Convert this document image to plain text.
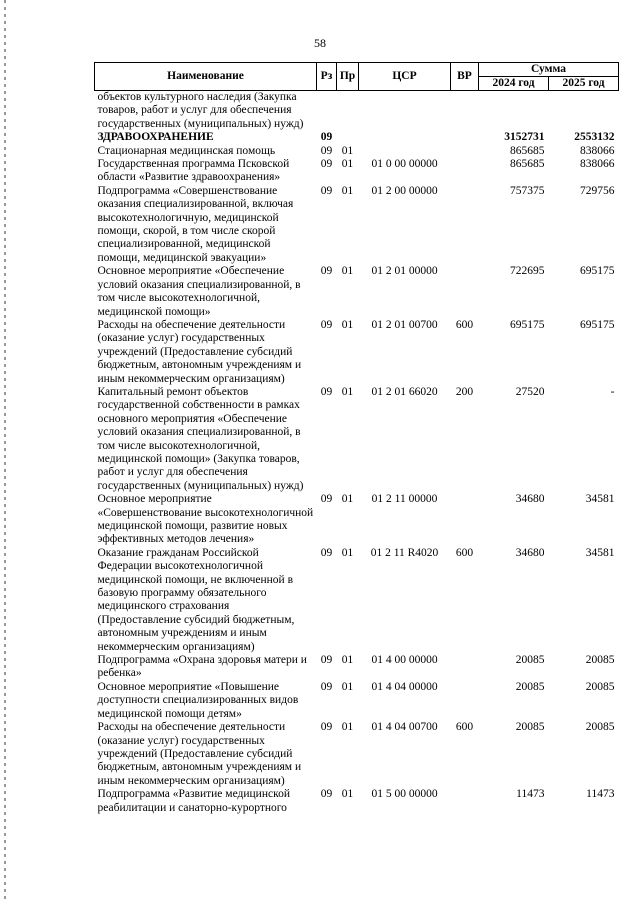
58
Наименование	Рз	Пр	ЦСР	ВР	Сумма	
					2024 год	2025 год
объектов культурного наследия (Закупка товаров, работ и услуг для обеспечения государственных (муниципальных) нужд)						
ЗДРАВООХРАНЕНИЕ	09				3152731	2553132
Стационарная медицинская помощь	09	01			865685	838066
Государственная программа Псковской области «Развитие здравоохранения»	09	01	01 0 00 00000		865685	838066
Подпрограмма «Совершенствование оказания специализированной, включая высокотехнологичную, медицинской помощи, скорой, в том числе скорой специализированной, медицинской помощи, медицинской эвакуации»	09	01	01 2 00 00000		757375	729756
Основное мероприятие «Обеспечение условий оказания специализированной, в том числе высокотехнологичной, медицинской помощи»	09	01	01 2 01 00000		722695	695175
Расходы на обеспечение деятельности (оказание услуг) государственных учреждений (Предоставление субсидий бюджетным, автономным учреждениям и иным некоммерческим организациям)	09	01	01 2 01 00700	600	695175	695175
Капитальный ремонт объектов государственной собственности в рамках основного мероприятия «Обеспечение условий оказания специализированной, в том числе высокотехнологичной, медицинской помощи» (Закупка товаров, работ и услуг для обеспечения государственных (муниципальных) нужд)	09	01	01 2 01 66020	200	27520	-
Основное мероприятие «Совершенствование высокотехнологичной медицинской помощи, развитие новых эффективных методов лечения»	09	01	01 2 11 00000		34680	34581
Оказание гражданам Российской Федерации высокотехнологичной медицинской помощи, не включенной в базовую программу обязательного медицинского страхования (Предоставление субсидий бюджетным, автономным учреждениям и иным некоммерческим организациям)	09	01	01 2 11 R4020	600	34680	34581
Подпрограмма «Охрана здоровья матери и ребенка»	09	01	01 4 00 00000		20085	20085
Основное мероприятие «Повышение доступности специализированных видов медицинской помощи детям»	09	01	01 4 04 00000		20085	20085
Расходы на обеспечение деятельности (оказание услуг) государственных учреждений (Предоставление субсидий бюджетным, автономным учреждениям и иным некоммерческим организациям)	09	01	01 4 04 00700	600	20085	20085
Подпрограмма «Развитие медицинской реабилитации и санаторно-курортного	09	01	01 5 00 00000		11473	11473
